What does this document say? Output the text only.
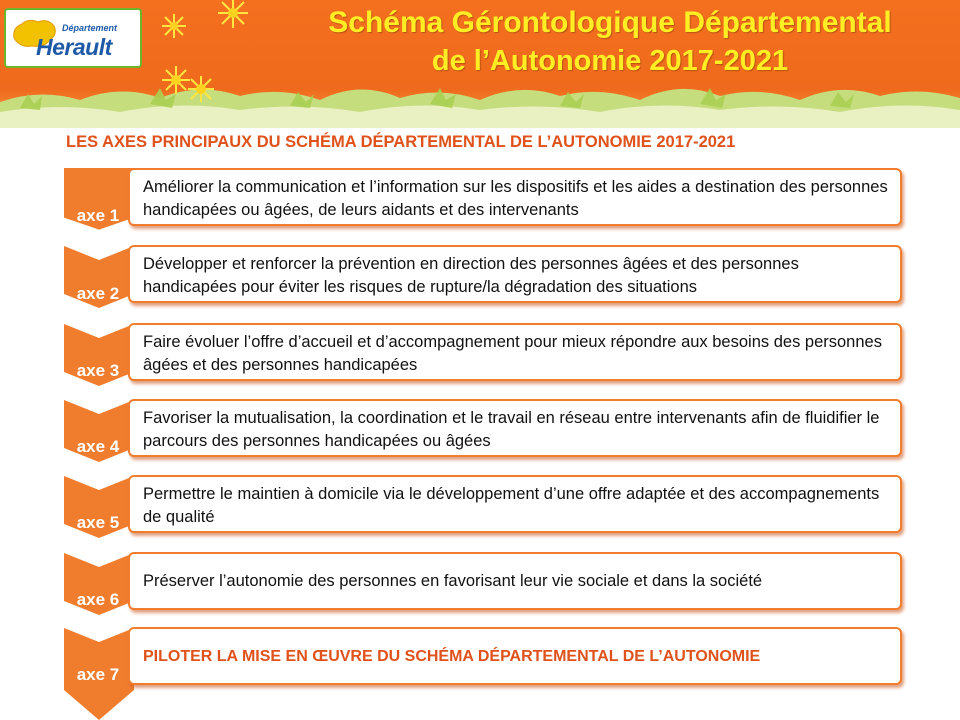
Département
Herault
Schéma Gérontologique Départemental
de l’Autonomie 2017-2021
LES AXES PRINCIPAUX DU SCHÉMA DÉPARTEMENTAL DE L’AUTONOMIE 2017-2021
axe 1
Améliorer la communication et l’information sur les dispositifs et les aides a destination des personnes handicapées ou âgées, de leurs aidants et des intervenants
axe 2
Développer et renforcer la prévention en direction des personnes âgées et des personnes handicapées pour éviter les risques de rupture/la dégradation des situations
axe 3
Faire évoluer l’offre d’accueil et d’accompagnement pour mieux répondre aux besoins des personnes âgées et des personnes handicapées
axe 4
Favoriser la mutualisation, la coordination et le travail en réseau entre intervenants afin de fluidifier le parcours des personnes handicapées ou âgées
axe 5
Permettre le maintien à domicile via le développement d’une offre adaptée et des accompagnements de qualité
axe 6
Préserver l’autonomie des personnes en favorisant leur vie sociale et dans la société
axe 7
PILOTER LA MISE EN ŒUVRE DU SCHÉMA DÉPARTEMENTAL DE L’AUTONOMIE
